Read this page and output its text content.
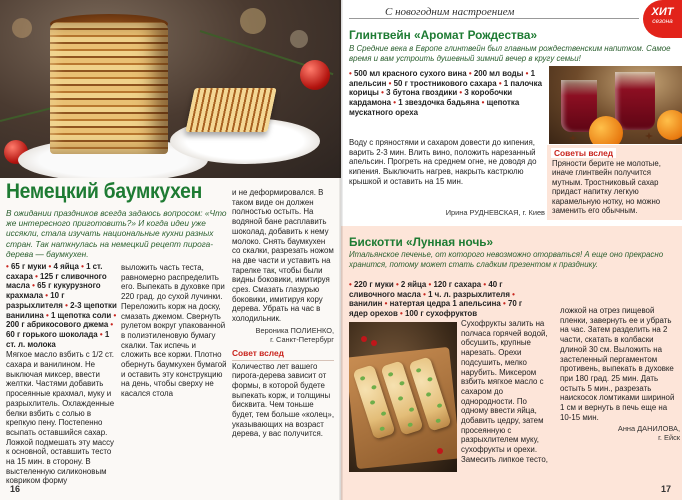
Немецкий баумкухен
В ожидании праздников всегда задаюсь вопросом: «Что же интересного приготовить?» И когда идеи уже иссякли, стала изучать национальные кухни разных стран. Так наткнулась на немецкий рецепт пирога-дерева — баумкухен.
• 65 г муки • 4 яйца • 1 ст. сахара • 125 г сливочного масла • 65 г кукурузного крахмала • 10 г разрыхлителя • 2-3 щепотки ванилина • 1 щепотка соли • 200 г абрикосового джема • 60 г горького шоколада • 1 ст. л. молока
Мягкое масло взбить с 1/2 ст. сахара и ванилином. Не выключая миксер, ввести желтки. Частями добавить просеянные крахмал, муку и разрыхлитель. Охлажденные белки взбить с солью в крепкую пену. Постепенно всыпать оставшийся сахар. Ложкой подмешать эту массу к основной, оставшить тесто на 15 мин. в сторону. В выстеленную силиконовым ковриком форму
выложить часть теста, равномерно распределить его. Выпекать в духовке при 220 град. до сухой лучинки. Переложить корж на доску, смазать джемом. Свернуть рулетом вокруг упакованной в полиэтиленовую бумагу скалки. Так испечь и сложить все коржи. Плотно обернуть баумкухен бумагой и оставить эту конструкцию на день, чтобы сверху не касался стола
и не деформировался. В таком виде он должен полностью остыть. На водяной бане расплавить шоколад, добавить к нему молоко. Снять баумкухен со скалки, разрезать ножом на две части и уставить на тарелке так, чтобы были видны боковики, имитируя срез. Смазать глазурью боковики, имитируя кору дерева. Убрать на час в холодильник.
Вероника ПОЛИЕНКО,
г. Санкт-Петербург
Совет вслед
Количество лет вашего пирога-дерева зависит от формы, в которой будете выпекать корж, и толщины бисквита. Чем тоньше будет, тем больше «колец», указывающих на возраст дерева, у вас получится.
16
С новогодним настроением	ХИТ
сезона
Глинтвейн «Аромат Рождества»
В Средние века в Европе глинтвейн был главным рождественским напитком. Самое время и вам устроить душевный зимний вечер в кругу семьи!
• 500 мл красного сухого вина • 200 мл воды • 1 апельсин • 50 г тростникового сахара • 1 палочка корицы • 3 бутона гвоздики • 3 коробочки кардамона • 1 звездочка бадьяна • щепотка мускатного ореха
Воду с пряностями и сахаром довести до кипения, варить 2-3 мин. Влить вино, положить нарезанный апельсин. Прогреть на среднем огне, не доводя до кипения. Выключить нагрев, накрыть кастрюлю крышкой и оставить на 15 мин.
Ирина РУДНЕВСКАЯ, г. Киев
Советы вслед
Пряности берите не молотые, иначе глинтвейн получится мутным. Тростниковый сахар придаст напитку легкую карамельную нотку, но можно заменить его обычным.
Бискотти «Лунная ночь»
Итальянское печенье, от которого невозможно оторваться! А еще оно прекрасно хранится, потому может стать сладким презентом к празднику.
• 220 г муки • 2 яйца • 120 г сахара • 40 г сливочного масла • 1 ч. л. разрыхлителя • ванилин • натертая цедра 1 апельсина • 70 г ядер орехов • 100 г сухофруктов
Сухофрукты залить на полчаса горячей водой, обсушить, крупные нарезать. Орехи подсушить, мелко нарубить. Миксером взбить мягкое масло с сахаром до однородности. По одному ввести яйца, добавить цедру, затем просеянную с разрыхлителем муку, сухофрукты и орехи. Замесить липкое тесто,
ложкой на отрез пищевой пленки, завернуть ее и убрать на час. Затем разделить на 2 части, скатать в колбаски длиной 30 см. Выложить на застеленный пергаментом противень, выпекать в духовке при 180 град. 25 мин. Дать остыть 5 мин., разрезать наискосок ломтиками шириной 1 см и вернуть в печь еще на 10-15 мин.
Анна ДАНИЛОВА,
г. Ейск
17
